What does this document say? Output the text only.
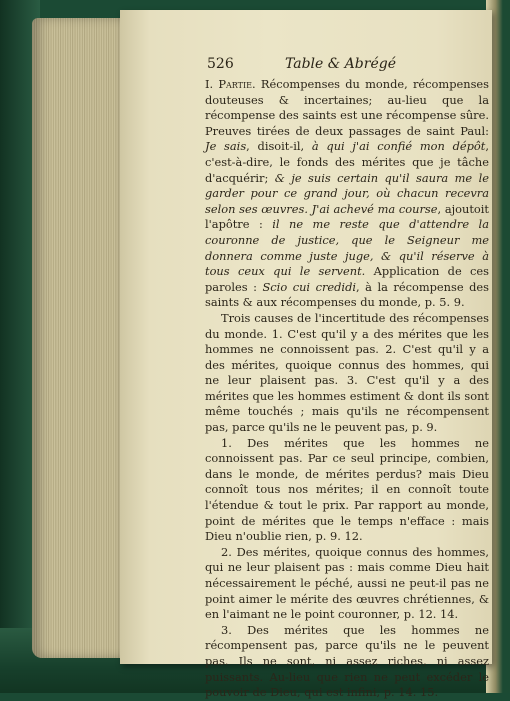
526	Table & Abrégé

I. Partie. Récompenses du monde, récompenses douteuses & incertaines; au-lieu que la récompense des saints est une récompense sûre. Preuves tirées de deux passages de saint Paul: Je sais, disoit-il, à qui j'ai confié mon dépôt, c'est-à-dire, le fonds des mérites que je tâche d'acquérir; & je suis certain qu'il saura me le garder pour ce grand jour, où chacun recevra selon ses œuvres. J'ai achevé ma course, ajoutoit l'apôtre : il ne me reste que d'attendre la couronne de justice, que le Seigneur me donnera comme juste juge, & qu'il réserve à tous ceux qui le servent. Application de ces paroles : Scio cui credidi, à la récompense des saints & aux récompenses du monde, p. 5. 9.

Trois causes de l'incertitude des récompenses du monde. 1. C'est qu'il y a des mérites que les hommes ne connoissent pas. 2. C'est qu'il y a des mérites, quoique connus des hommes, qui ne leur plaisent pas. 3. C'est qu'il y a des mérites que les hommes estiment & dont ils sont même touchés ; mais qu'ils ne récompensent pas, parce qu'ils ne le peuvent pas, p. 9.

1. Des mérites que les hommes ne connoissent pas. Par ce seul principe, combien, dans le monde, de mérites perdus? mais Dieu connoît tous nos mérites; il en connoît toute l'étendue & tout le prix. Par rapport au monde, point de mérites que le temps n'efface : mais Dieu n'oublie rien, p. 9. 12.

2. Des mérites, quoique connus des hommes, qui ne leur plaisent pas : mais comme Dieu hait nécessairement le péché, aussi ne peut-il pas ne point aimer le mérite des œuvres chrétiennes, & en l'aimant ne le point couronner, p. 12. 14.

3. Des mérites que les hommes ne récompensent pas, parce qu'ils ne le peuvent pas. Ils ne sont, ni assez riches, ni assez puissants. Au-lieu que rien ne peut excéder le pouvoir de Dieu, qui est infini, p. 14. 15.
